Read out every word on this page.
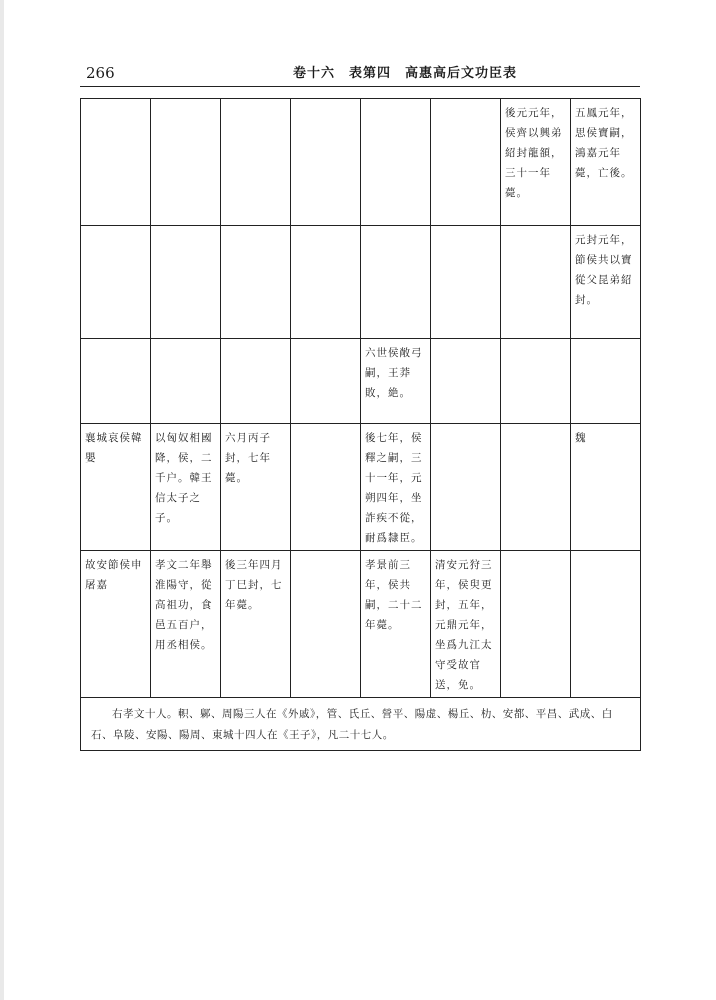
266	卷十六　表第四　高惠高后文功臣表
						後元元年，侯齊以興弟紹封龍頟，三十一年薨。	五鳳元年，思侯寶嗣，鴻嘉元年薨，亡後。
							元封元年，節侯共以寶從父昆弟紹封。
				六世侯敞弓嗣，王莽敗，絶。			
襄城哀侯韓嬰	以匈奴相國降，侯，二千户。韓王信太子之子。	六月丙子封，七年薨。		後七年，侯釋之嗣，三十一年，元朔四年，坐詐疾不從，耐爲隸臣。			魏
故安節侯申屠嘉	孝文二年舉淮陽守，從高祖功，食邑五百户，用丞相侯。	後三年四月丁巳封，七年薨。		孝景前三年，侯共嗣，二十二年薨。	清安元狩三年，侯臾更封，五年，元鼎元年，坐爲九江太守受故官送，免。		

右孝文十人。軹、鄡、周陽三人在《外戚》，管、氏丘、營平、陽虚、楊丘、朸、安都、平昌、武成、白石、阜陵、安陽、陽周、東城十四人在《王子》，凡二十七人。							
